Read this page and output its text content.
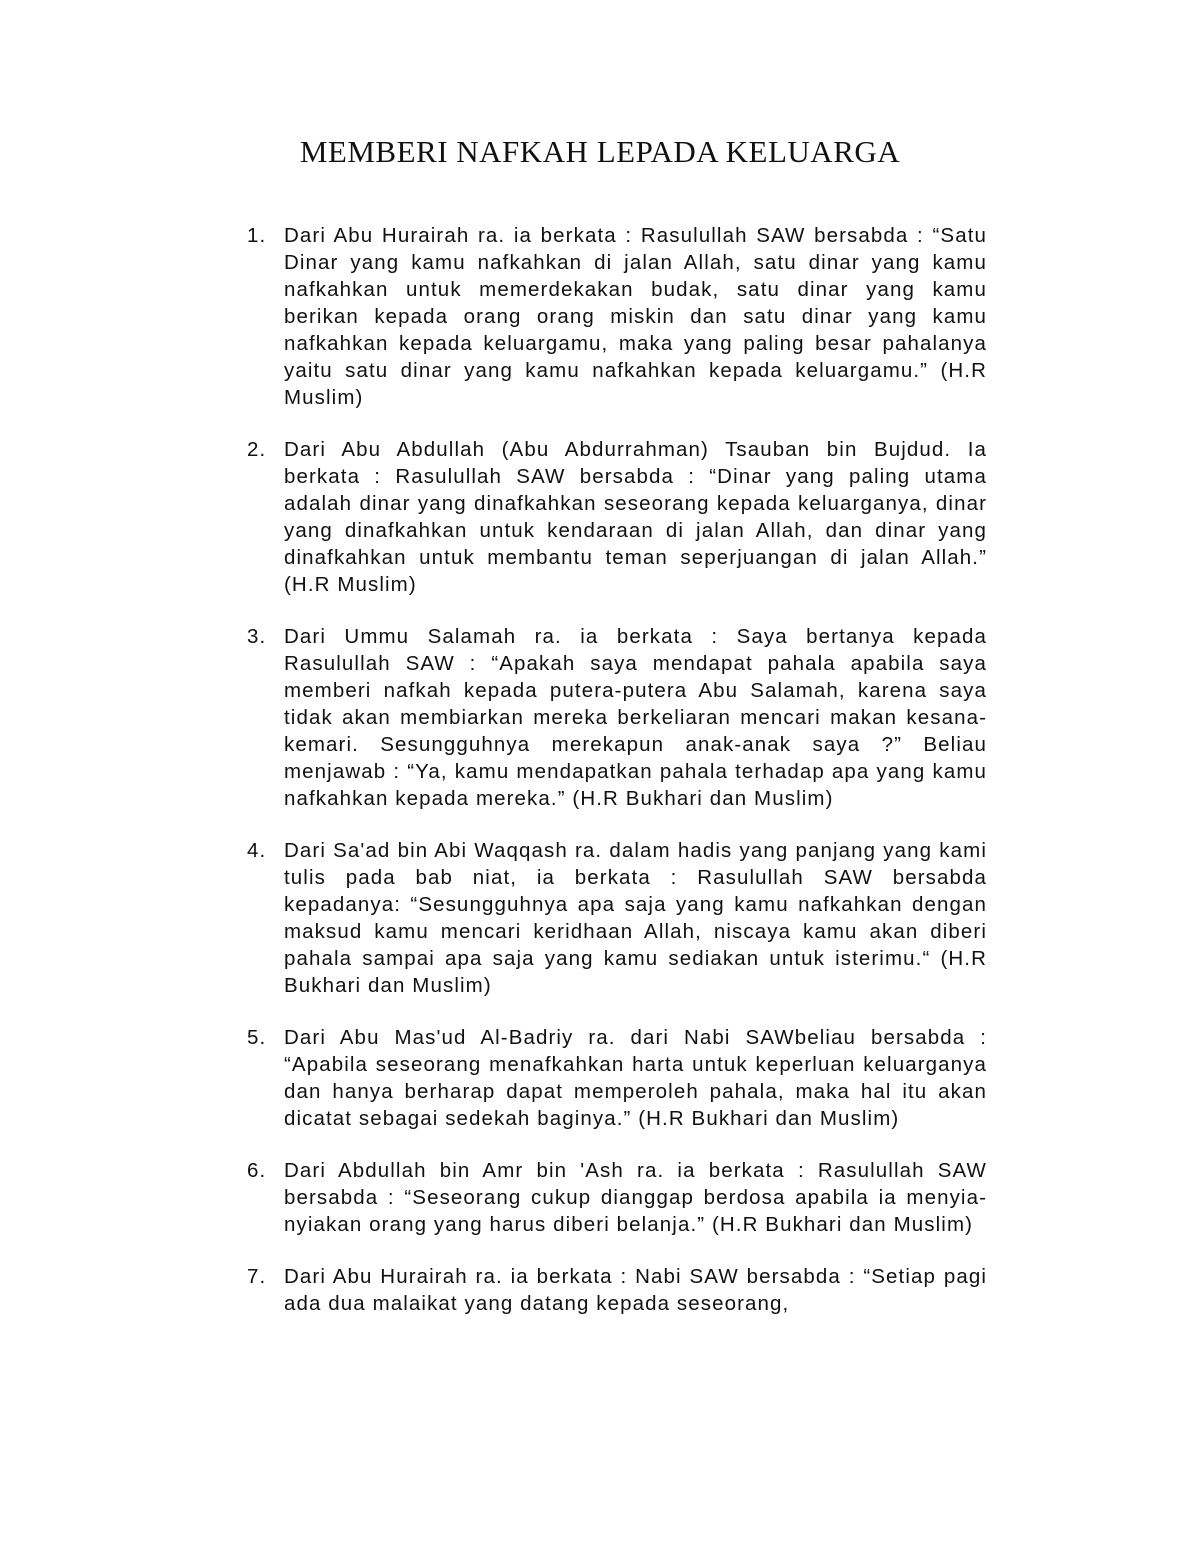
MEMBERI NAFKAH LEPADA KELUARGA
1. Dari Abu Hurairah ra. ia berkata : Rasulullah SAW bersabda : “Satu Dinar yang kamu nafkahkan di jalan Allah, satu dinar yang kamu nafkahkan untuk memerdekakan budak, satu dinar yang kamu berikan kepada orang orang miskin dan satu dinar yang kamu nafkahkan kepada keluargamu, maka yang paling besar pahalanya yaitu satu dinar yang kamu nafkahkan kepada keluargamu.” (H.R Muslim)
2. Dari Abu Abdullah (Abu Abdurrahman) Tsauban bin Bujdud. Ia berkata : Rasulullah SAW bersabda : “Dinar yang paling utama adalah dinar yang dinafkahkan seseorang kepada keluarganya, dinar yang dinafkahkan untuk kendaraan di jalan Allah, dan dinar yang dinafkahkan untuk membantu teman seperjuangan di jalan Allah.” (H.R Muslim)
3. Dari Ummu Salamah ra. ia berkata : Saya bertanya kepada Rasulullah SAW : “Apakah saya mendapat pahala apabila saya memberi nafkah kepada putera-putera Abu Salamah, karena saya tidak akan membiarkan mereka berkeliaran mencari makan kesana-kemari. Sesungguhnya merekapun anak-anak saya ?” Beliau menjawab : “Ya, kamu mendapatkan pahala terhadap apa yang kamu nafkahkan kepada mereka.” (H.R Bukhari dan Muslim)
4. Dari Sa'ad bin Abi Waqqash ra. dalam hadis yang panjang yang kami tulis pada bab niat, ia berkata : Rasulullah SAW bersabda kepadanya: “Sesungguhnya apa saja yang kamu nafkahkan dengan maksud kamu mencari keridhaan Allah, niscaya kamu akan diberi pahala sampai apa saja yang kamu sediakan untuk isterimu.“ (H.R Bukhari dan Muslim)
5. Dari Abu Mas'ud Al-Badriy ra. dari Nabi SAWbeliau bersabda : “Apabila seseorang menafkahkan harta untuk keperluan keluarganya dan hanya berharap dapat memperoleh pahala, maka hal itu akan dicatat sebagai sedekah baginya.” (H.R Bukhari dan Muslim)
6. Dari Abdullah bin Amr bin 'Ash ra. ia berkata : Rasulullah SAW bersabda : “Seseorang cukup dianggap berdosa apabila ia menyia-nyiakan orang yang harus diberi belanja.” (H.R Bukhari dan Muslim)
7. Dari Abu Hurairah ra. ia berkata : Nabi SAW bersabda : “Setiap pagi ada dua malaikat yang datang kepada seseorang,
